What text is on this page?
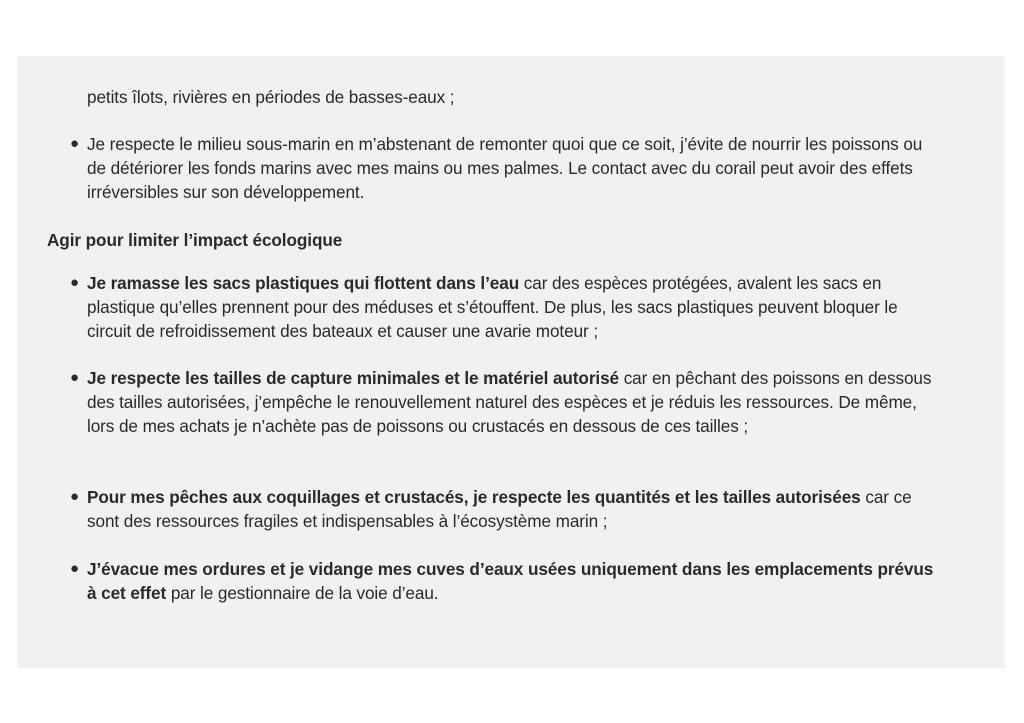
petits îlots, rivières en périodes de basses-eaux ;

● Je respecte le milieu sous-marin en m’abstenant de remonter quoi que ce soit, j’évite de nourrir les poissons ou de détériorer les fonds marins avec mes mains ou mes palmes. Le contact avec du corail peut avoir des effets irréversibles sur son développement.

Agir pour limiter l’impact écologique

● Je ramasse les sacs plastiques qui flottent dans l’eau car des espèces protégées, avalent les sacs en plastique qu’elles prennent pour des méduses et s’étouffent. De plus, les sacs plastiques peuvent bloquer le circuit de refroidissement des bateaux et causer une avarie moteur ;

● Je respecte les tailles de capture minimales et le matériel autorisé car en pêchant des poissons en dessous des tailles autorisées, j’empêche le renouvellement naturel des espèces et je réduis les ressources. De même, lors de mes achats je n’achète pas de poissons ou crustacés en dessous de ces tailles ;

● Pour mes pêches aux coquillages et crustacés, je respecte les quantités et les tailles autorisées car ce sont des ressources fragiles et indispensables à l’écosystème marin ;

● J’évacue mes ordures et je vidange mes cuves d’eaux usées uniquement dans les emplacements prévus à cet effet par le gestionnaire de la voie d’eau.
